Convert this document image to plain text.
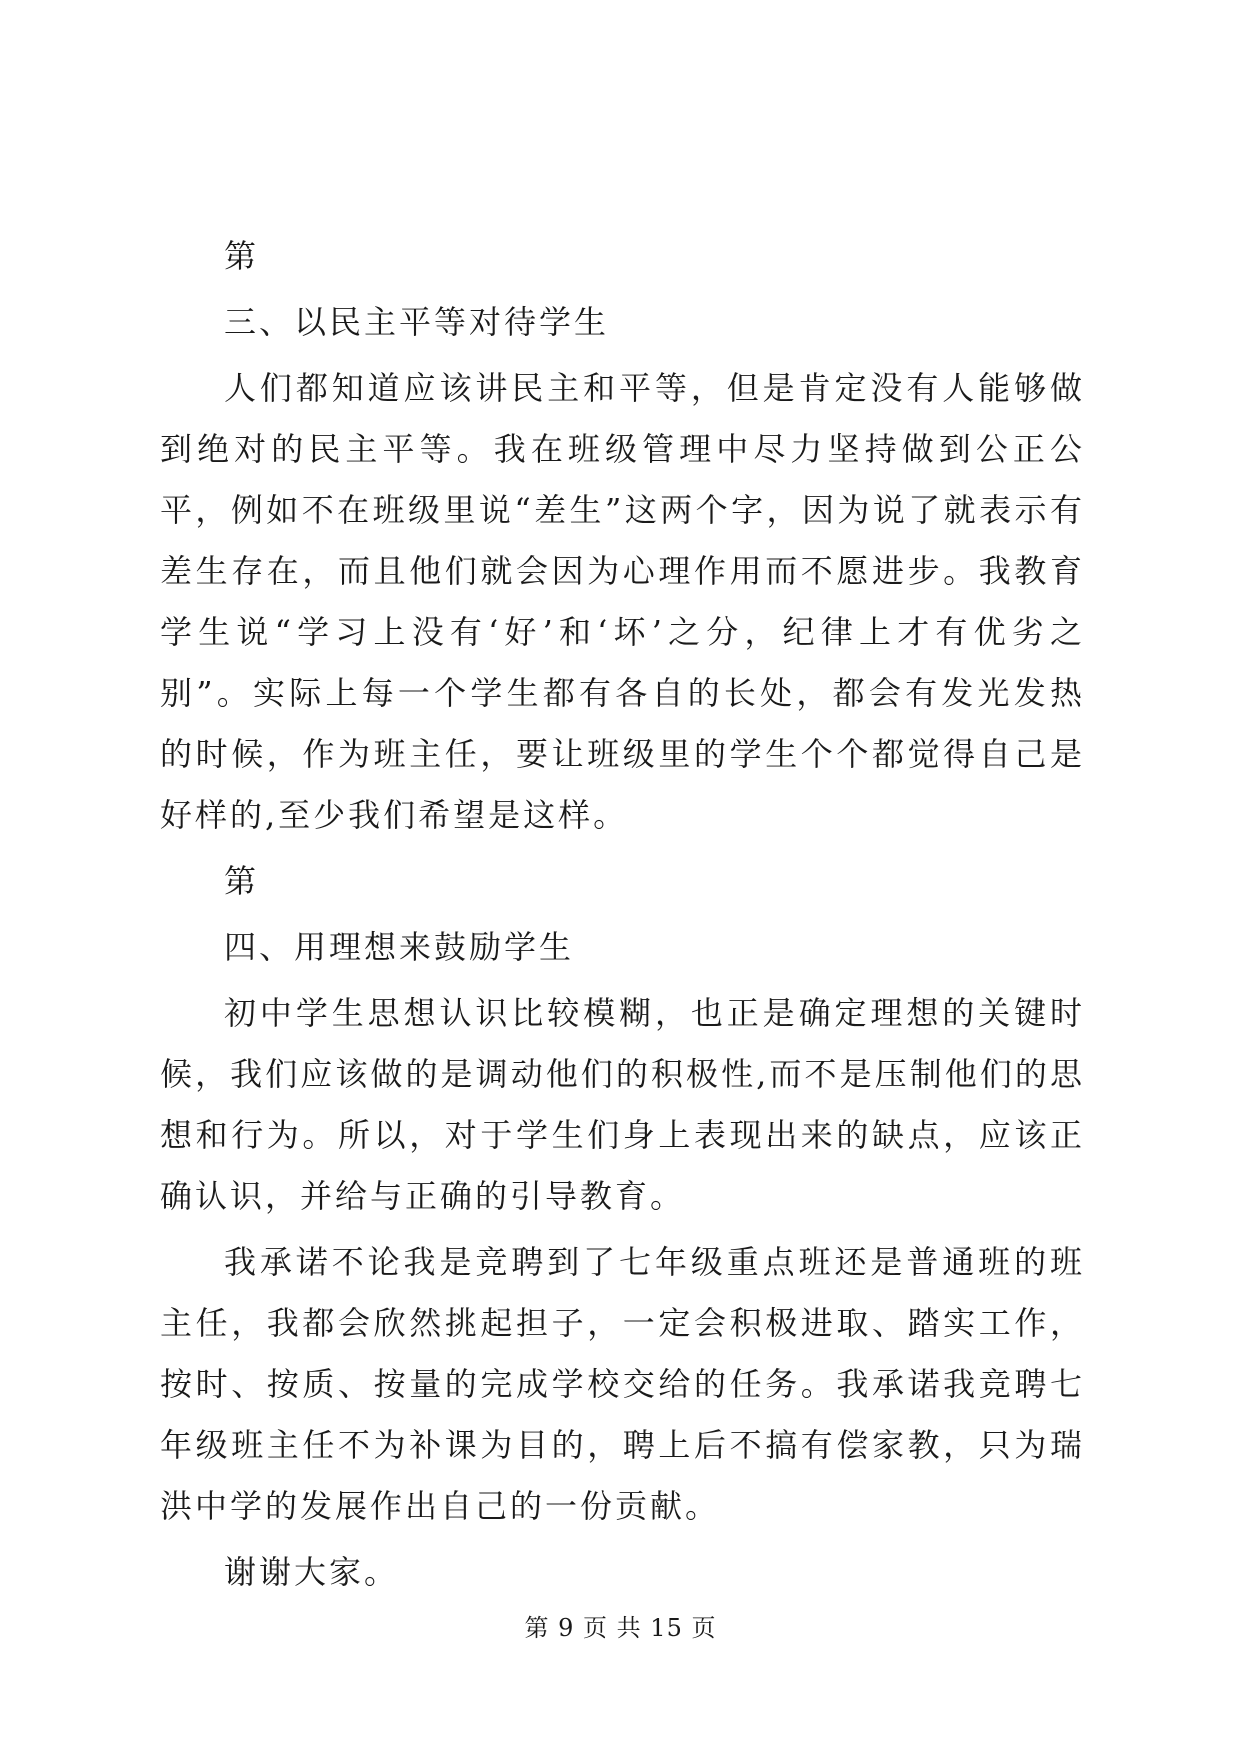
第

三、以民主平等对待学生

人们都知道应该讲民主和平等，但是肯定没有人能够做到绝对的民主平等。我在班级管理中尽力坚持做到公正公平，例如不在班级里说“差生”这两个字，因为说了就表示有差生存在，而且他们就会因为心理作用而不愿进步。我教育学生说“学习上没有‘好’和‘坏’之分，纪律上才有优劣之别”。实际上每一个学生都有各自的长处，都会有发光发热的时候，作为班主任，要让班级里的学生个个都觉得自己是好样的,至少我们希望是这样。

第

四、用理想来鼓励学生

初中学生思想认识比较模糊，也正是确定理想的关键时候，我们应该做的是调动他们的积极性,而不是压制他们的思想和行为。所以，对于学生们身上表现出来的缺点，应该正确认识，并给与正确的引导教育。

我承诺不论我是竞聘到了七年级重点班还是普通班的班主任，我都会欣然挑起担子，一定会积极进取、踏实工作，按时、按质、按量的完成学校交给的任务。我承诺我竞聘七年级班主任不为补课为目的，聘上后不搞有偿家教，只为瑞洪中学的发展作出自己的一份贡献。

谢谢大家。

第 9 页 共 15 页
